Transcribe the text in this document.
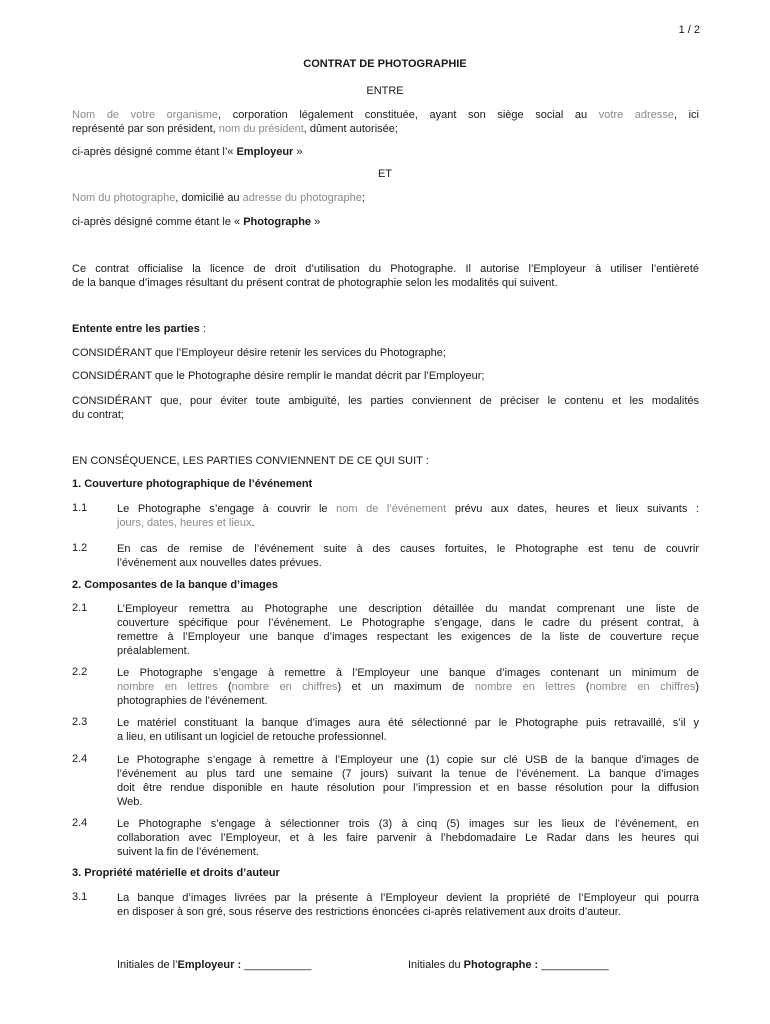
1 / 2
CONTRAT DE PHOTOGRAPHIE
ENTRE
Nom de votre organisme, corporation légalement constituée, ayant son siège social au votre adresse, ici
représenté par son président, nom du président, dûment autorisée;
ci-après désigné comme étant l’« Employeur »
ET
Nom du photographe, domicilié au adresse du photographe;
ci-après désigné comme étant le « Photographe »
Ce contrat officialise la licence de droit d’utilisation du Photographe. Il autorise l’Employeur à utiliser l’entièreté
de la banque d’images résultant du présent contrat de photographie selon les modalités qui suivent.
Entente entre les parties :
CONSIDÉRANT que l’Employeur désire retenir les services du Photographe;
CONSIDÉRANT que le Photographe désire remplir le mandat décrit par l’Employeur;
CONSIDÉRANT que, pour éviter toute ambiguïté, les parties conviennent de préciser le contenu et les modalités
du contrat;
EN CONSÉQUENCE, LES PARTIES CONVIENNENT DE CE QUI SUIT :
1. Couverture photographique de l’événement
1.1	Le Photographe s’engage à couvrir le nom de l’événement prévu aux dates, heures et lieux suivants :
jours, dates, heures et lieux.
1.2	En cas de remise de l’événement suite à des causes fortuites, le Photographe est tenu de couvrir
l’événement aux nouvelles dates prévues.
2. Composantes de la banque d’images
2.1	L’Employeur remettra au Photographe une description détaillée du mandat comprenant une liste de
couverture spécifique pour l’événement. Le Photographe s’engage, dans le cadre du présent contrat, à
remettre à l’Employeur une banque d’images respectant les exigences de la liste de couverture reçue
préalablement.
2.2	Le Photographe s’engage à remettre à l’Employeur une banque d’images contenant un minimum de
nombre en lettres (nombre en chiffres) et un maximum de nombre en lettres (nombre en chiffres)
photographies de l’événement.
2.3	Le matériel constituant la banque d’images aura été sélectionné par le Photographe puis retravaillé, s’il y
a lieu, en utilisant un logiciel de retouche professionnel.
2.4	Le Photographe s’engage à remettre à l’Employeur une (1) copie sur clé USB de la banque d’images de
l’événement au plus tard une semaine (7 jours) suivant la tenue de l’événement. La banque d’images
doit être rendue disponible en haute résolution pour l’impression et en basse résolution pour la diffusion
Web.
2.4	Le Photographe s’engage à sélectionner trois (3) à cinq (5) images sur les lieux de l’événement, en
collaboration avec l’Employeur, et à les faire parvenir à l’hebdomadaire Le Radar dans les heures qui
suivent la fin de l’événement.
3. Propriété matérielle et droits d’auteur
3.1	La banque d’images livrées par la présente à l’Employeur devient la propriété de l’Employeur qui pourra
en disposer à son gré, sous réserve des restrictions énoncées ci-après relativement aux droits d’auteur.
Initiales de l’Employeur : ___________	Initiales du Photographe : ___________
